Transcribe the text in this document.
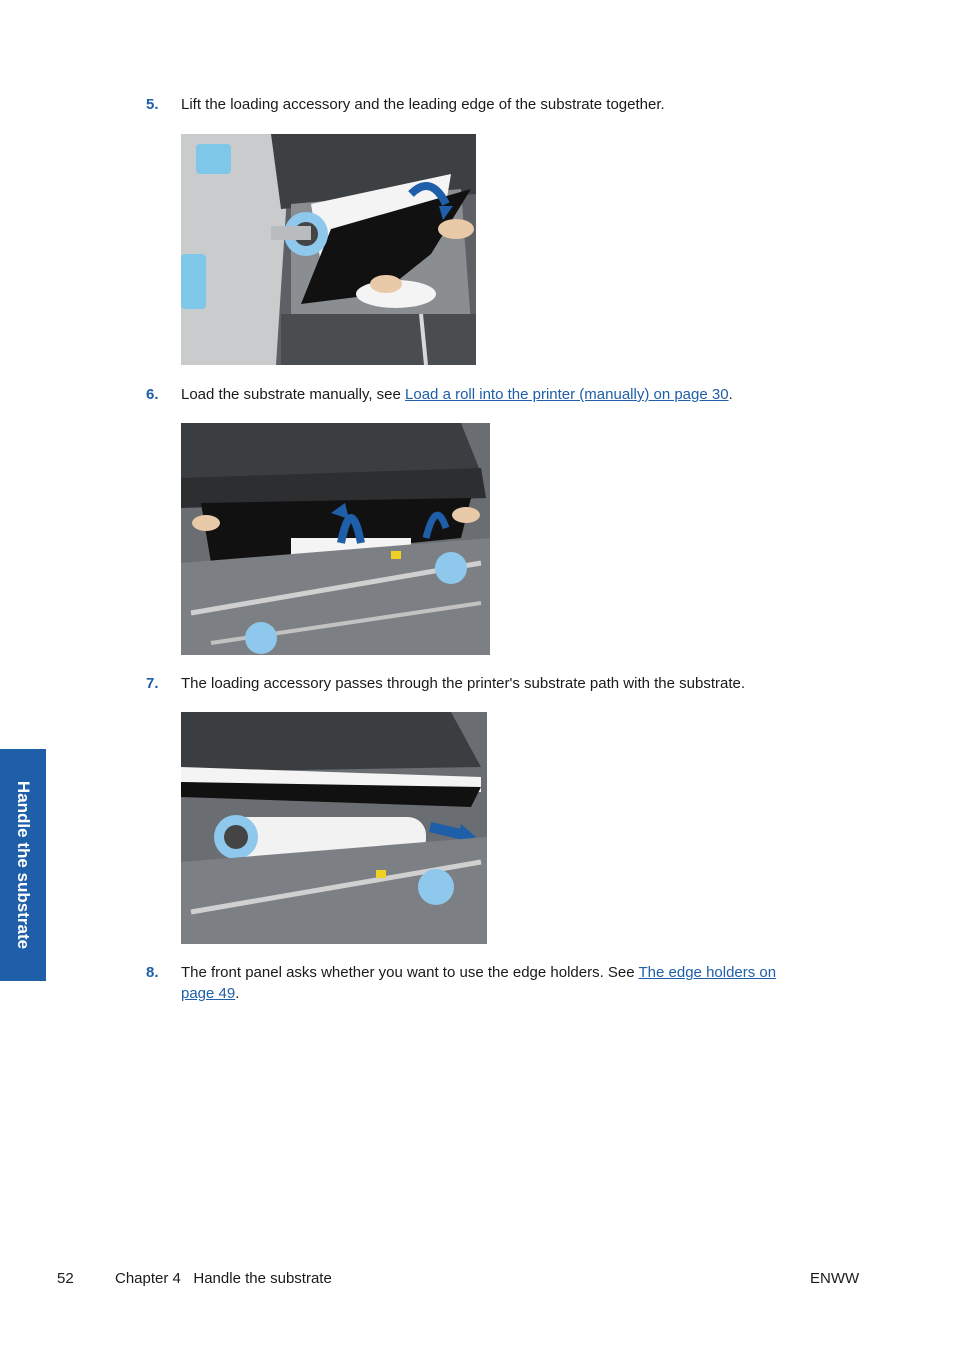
5. Lift the loading accessory and the leading edge of the substrate together.
6. Load the substrate manually, see Load a roll into the printer (manually) on page 30.
7. The loading accessory passes through the printer's substrate path with the substrate.
8. The front panel asks whether you want to use the edge holders. See The edge holders on page 49.
Handle the substrate
52	Chapter 4   Handle the substrate	ENWW
